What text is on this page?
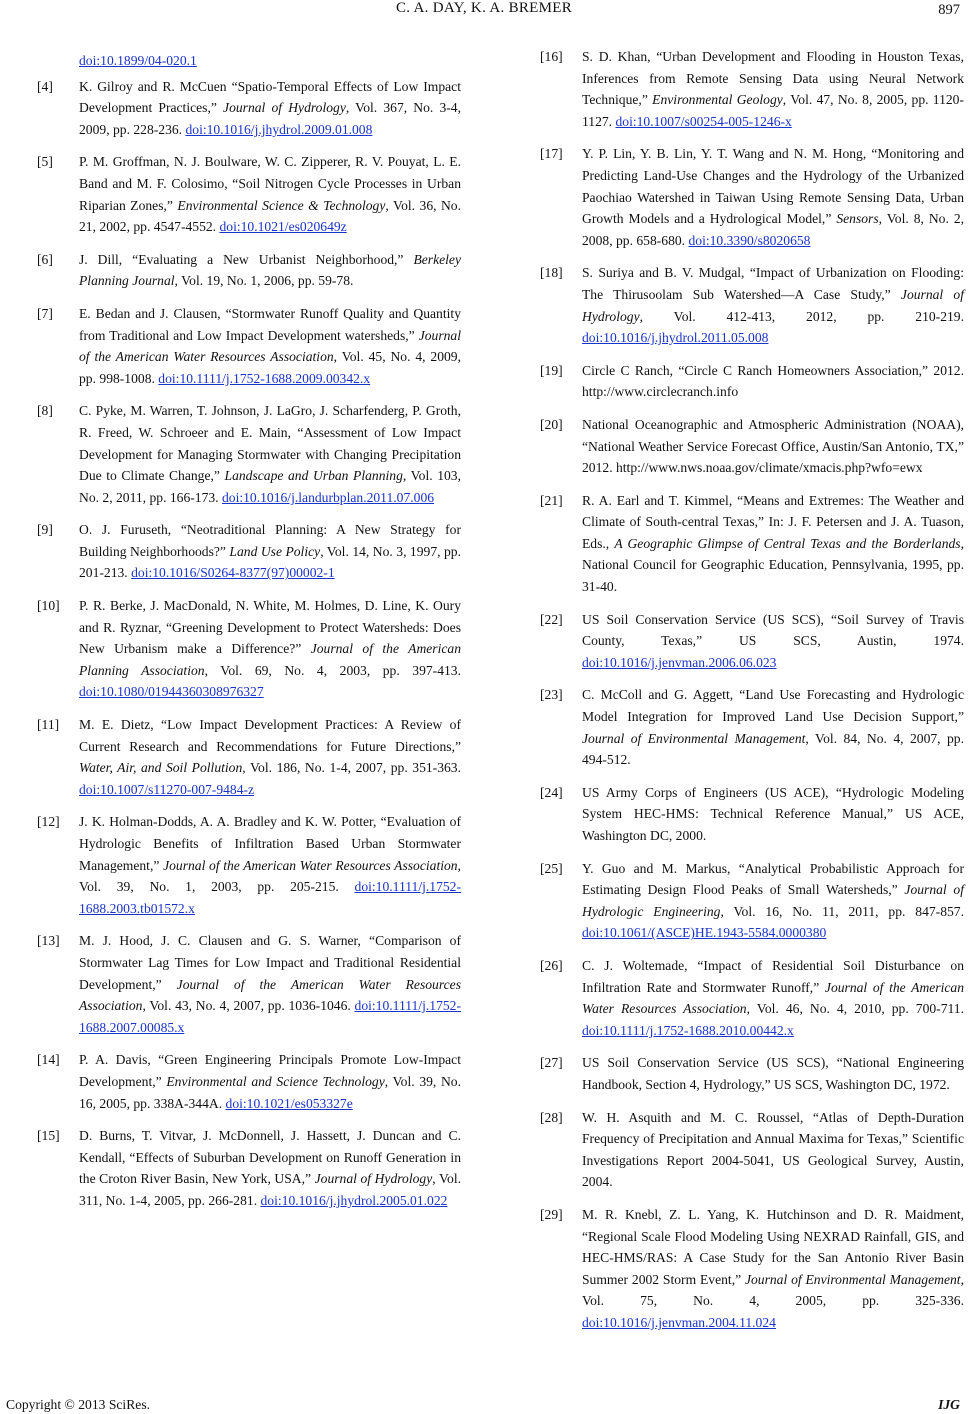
C. A. DAY, K. A. BREMER	897
doi:10.1899/04-020.1
[4]	K. Gilroy and R. McCuen “Spatio-Temporal Effects of Low Impact Development Practices,” Journal of Hydrology, Vol. 367, No. 3-4, 2009, pp. 228-236. doi:10.1016/j.jhydrol.2009.01.008
[5]	P. M. Groffman, N. J. Boulware, W. C. Zipperer, R. V. Pouyat, L. E. Band and M. F. Colosimo, “Soil Nitrogen Cycle Processes in Urban Riparian Zones,” Environmental Science & Technology, Vol. 36, No. 21, 2002, pp. 4547-4552. doi:10.1021/es020649z
[6]	J. Dill, “Evaluating a New Urbanist Neighborhood,” Berkeley Planning Journal, Vol. 19, No. 1, 2006, pp. 59-78.
[7]	E. Bedan and J. Clausen, “Stormwater Runoff Quality and Quantity from Traditional and Low Impact Development watersheds,” Journal of the American Water Resources Association, Vol. 45, No. 4, 2009, pp. 998-1008. doi:10.1111/j.1752-1688.2009.00342.x
[8]	C. Pyke, M. Warren, T. Johnson, J. LaGro, J. Scharfenderg, P. Groth, R. Freed, W. Schroeer and E. Main, “Assessment of Low Impact Development for Managing Stormwater with Changing Precipitation Due to Climate Change,” Landscape and Urban Planning, Vol. 103, No. 2, 2011, pp. 166-173. doi:10.1016/j.landurbplan.2011.07.006
[9]	O. J. Furuseth, “Neotraditional Planning: A New Strategy for Building Neighborhoods?” Land Use Policy, Vol. 14, No. 3, 1997, pp. 201-213. doi:10.1016/S0264-8377(97)00002-1
[10]	P. R. Berke, J. MacDonald, N. White, M. Holmes, D. Line, K. Oury and R. Ryznar, “Greening Development to Protect Watersheds: Does New Urbanism make a Difference?” Journal of the American Planning Association, Vol. 69, No. 4, 2003, pp. 397-413. doi:10.1080/01944360308976327
[11]	M. E. Dietz, “Low Impact Development Practices: A Review of Current Research and Recommendations for Future Directions,” Water, Air, and Soil Pollution, Vol. 186, No. 1-4, 2007, pp. 351-363. doi:10.1007/s11270-007-9484-z
[12]	J. K. Holman-Dodds, A. A. Bradley and K. W. Potter, “Evaluation of Hydrologic Benefits of Infiltration Based Urban Stormwater Management,” Journal of the American Water Resources Association, Vol. 39, No. 1, 2003, pp. 205-215. doi:10.1111/j.1752-1688.2003.tb01572.x
[13]	M. J. Hood, J. C. Clausen and G. S. Warner, “Comparison of Stormwater Lag Times for Low Impact and Traditional Residential Development,” Journal of the American Water Resources Association, Vol. 43, No. 4, 2007, pp. 1036-1046. doi:10.1111/j.1752-1688.2007.00085.x
[14]	P. A. Davis, “Green Engineering Principals Promote Low-Impact Development,” Environmental and Science Technology, Vol. 39, No. 16, 2005, pp. 338A-344A. doi:10.1021/es053327e
[15]	D. Burns, T. Vitvar, J. McDonnell, J. Hassett, J. Duncan and C. Kendall, “Effects of Suburban Development on Runoff Generation in the Croton River Basin, New York, USA,” Journal of Hydrology, Vol. 311, No. 1-4, 2005, pp. 266-281. doi:10.1016/j.jhydrol.2005.01.022
[16]	S. D. Khan, “Urban Development and Flooding in Houston Texas, Inferences from Remote Sensing Data using Neural Network Technique,” Environmental Geology, Vol. 47, No. 8, 2005, pp. 1120-1127. doi:10.1007/s00254-005-1246-x
[17]	Y. P. Lin, Y. B. Lin, Y. T. Wang and N. M. Hong, “Monitoring and Predicting Land-Use Changes and the Hydrology of the Urbanized Paochiao Watershed in Taiwan Using Remote Sensing Data, Urban Growth Models and a Hydrological Model,” Sensors, Vol. 8, No. 2, 2008, pp. 658-680. doi:10.3390/s8020658
[18]	S. Suriya and B. V. Mudgal, “Impact of Urbanization on Flooding: The Thirusoolam Sub Watershed—A Case Study,” Journal of Hydrology, Vol. 412-413, 2012, pp. 210-219. doi:10.1016/j.jhydrol.2011.05.008
[19]	Circle C Ranch, “Circle C Ranch Homeowners Association,” 2012. http://www.circlecranch.info
[20]	National Oceanographic and Atmospheric Administration (NOAA), “National Weather Service Forecast Office, Austin/San Antonio, TX,” 2012. http://www.nws.noaa.gov/climate/xmacis.php?wfo=ewx
[21]	R. A. Earl and T. Kimmel, “Means and Extremes: The Weather and Climate of South-central Texas,” In: J. F. Petersen and J. A. Tuason, Eds., A Geographic Glimpse of Central Texas and the Borderlands, National Council for Geographic Education, Pennsylvania, 1995, pp. 31-40.
[22]	US Soil Conservation Service (US SCS), “Soil Survey of Travis County, Texas,” US SCS, Austin, 1974. doi:10.1016/j.jenvman.2006.06.023
[23]	C. McColl and G. Aggett, “Land Use Forecasting and Hydrologic Model Integration for Improved Land Use Decision Support,” Journal of Environmental Management, Vol. 84, No. 4, 2007, pp. 494-512.
[24]	US Army Corps of Engineers (US ACE), “Hydrologic Modeling System HEC-HMS: Technical Reference Manual,” US ACE, Washington DC, 2000.
[25]	Y. Guo and M. Markus, “Analytical Probabilistic Approach for Estimating Design Flood Peaks of Small Watersheds,” Journal of Hydrologic Engineering, Vol. 16, No. 11, 2011, pp. 847-857. doi:10.1061/(ASCE)HE.1943-5584.0000380
[26]	C. J. Woltemade, “Impact of Residential Soil Disturbance on Infiltration Rate and Stormwater Runoff,” Journal of the American Water Resources Association, Vol. 46, No. 4, 2010, pp. 700-711. doi:10.1111/j.1752-1688.2010.00442.x
[27]	US Soil Conservation Service (US SCS), “National Engineering Handbook, Section 4, Hydrology,” US SCS, Washington DC, 1972.
[28]	W. H. Asquith and M. C. Roussel, “Atlas of Depth-Duration Frequency of Precipitation and Annual Maxima for Texas,” Scientific Investigations Report 2004-5041, US Geological Survey, Austin, 2004.
[29]	M. R. Knebl, Z. L. Yang, K. Hutchinson and D. R. Maidment, “Regional Scale Flood Modeling Using NEXRAD Rainfall, GIS, and HEC-HMS/RAS: A Case Study for the San Antonio River Basin Summer 2002 Storm Event,” Journal of Environmental Management, Vol. 75, No. 4, 2005, pp. 325-336. doi:10.1016/j.jenvman.2004.11.024
Copyright © 2013 SciRes.	IJG
